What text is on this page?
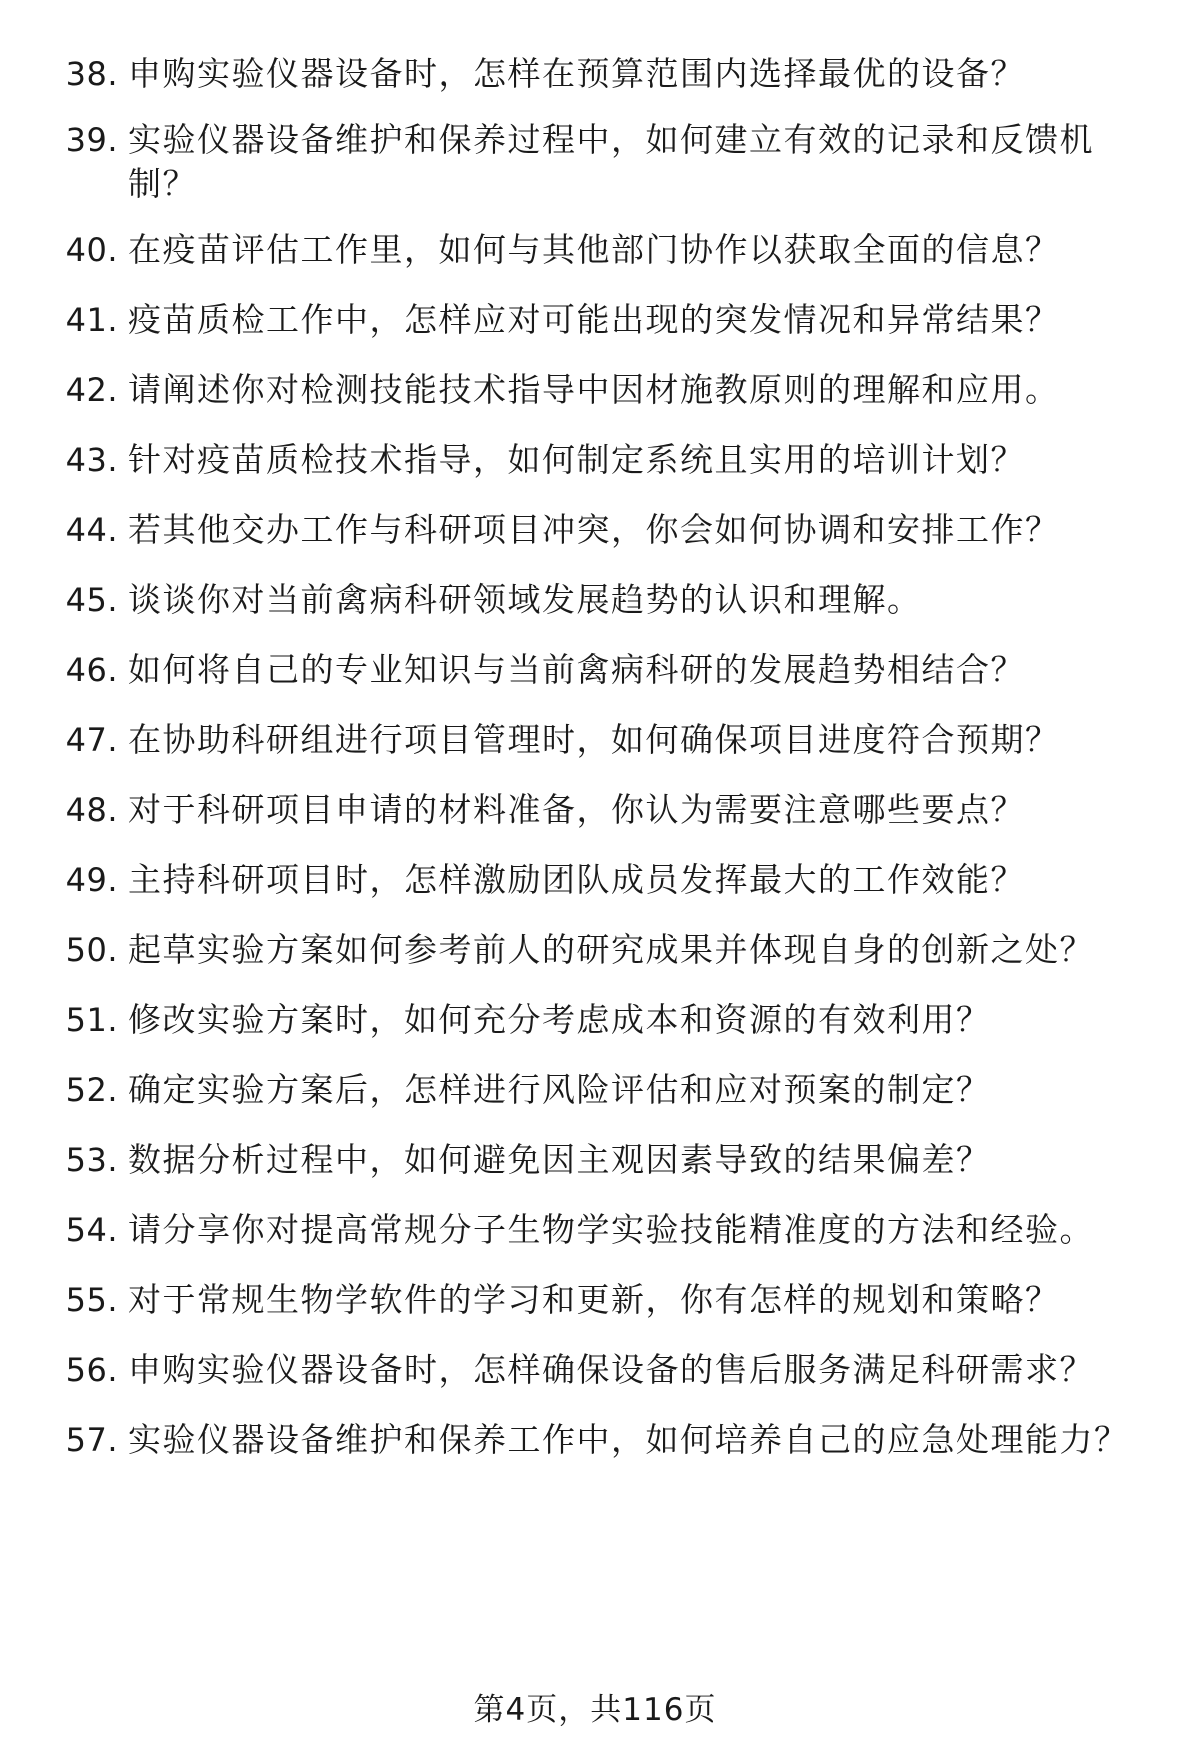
38. 申购实验仪器设备时，怎样在预算范围内选择最优的设备？
39. 实验仪器设备维护和保养过程中，如何建立有效的记录和反馈机制？
40. 在疫苗评估工作里，如何与其他部门协作以获取全面的信息？
41. 疫苗质检工作中，怎样应对可能出现的突发情况和异常结果？
42. 请阐述你对检测技能技术指导中因材施教原则的理解和应用。
43. 针对疫苗质检技术指导，如何制定系统且实用的培训计划？
44. 若其他交办工作与科研项目冲突，你会如何协调和安排工作？
45. 谈谈你对当前禽病科研领域发展趋势的认识和理解。
46. 如何将自己的专业知识与当前禽病科研的发展趋势相结合？
47. 在协助科研组进行项目管理时，如何确保项目进度符合预期？
48. 对于科研项目申请的材料准备，你认为需要注意哪些要点？
49. 主持科研项目时，怎样激励团队成员发挥最大的工作效能？
50. 起草实验方案如何参考前人的研究成果并体现自身的创新之处？
51. 修改实验方案时，如何充分考虑成本和资源的有效利用？
52. 确定实验方案后，怎样进行风险评估和应对预案的制定？
53. 数据分析过程中，如何避免因主观因素导致的结果偏差？
54. 请分享你对提高常规分子生物学实验技能精准度的方法和经验。
55. 对于常规生物学软件的学习和更新，你有怎样的规划和策略？
56. 申购实验仪器设备时，怎样确保设备的售后服务满足科研需求？
57. 实验仪器设备维护和保养工作中，如何培养自己的应急处理能力？
第4页，共116页
